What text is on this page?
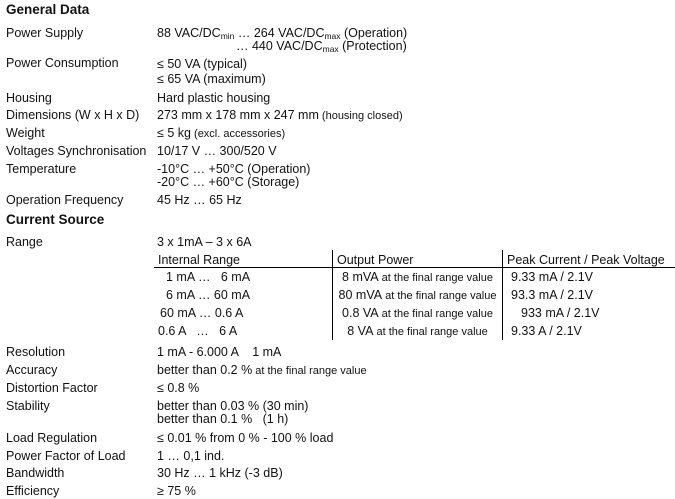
General Data
Power Supply	88 VAC/$DC_{min}$ … 264 VAC/$DC_{max}$ (Operation)
… 440 VAC/$DC_{max}$ (Protection)
Power Consumption	≤ 50 VA (typical)
≤ 65 VA (maximum)
Housing	Hard plastic housing
Dimensions (W x H x D) 273 mm x 178 mm x 247 mm (housing closed)
Weight	≤ 5 kg (excl. accessories)
Voltages Synchronisation 10/17 V … 300/520 V
Temperature	-10°C … +50°C (Operation)
-20°C … +60°C (Storage)
Operation Frequency	45 Hz … 65 Hz
Current Source
Range	3 x 1mA – 3 x 6A
Internal Range	Output Power	Peak Current / Peak Voltage
1 mA …   6 mA	8 mVA at the final range value	9.33 mA / 2.1V
6 mA … 60 mA	80 mVA at the final range value	93.3 mA / 2.1V
60 mA … 0.6 A	0.8 VA at the final range value	933 mA / 2.1V
0.6 A   …   6 A	8 VA at the final range value	9.33 A / 2.1V
Resolution	1 mA - 6.000 A    1 mA
Accuracy	better than 0.2 % at the final range value
Distortion Factor	≤ 0.8 %
Stability	better than 0.03 % (30 min)
better than 0.1 %   (1 h)
Load Regulation	≤ 0.01 % from 0 % - 100 % load
Power Factor of Load	1 … 0,1 ind.
Bandwidth	30 Hz … 1 kHz (-3 dB)
Efficiency	≥ 75 %
